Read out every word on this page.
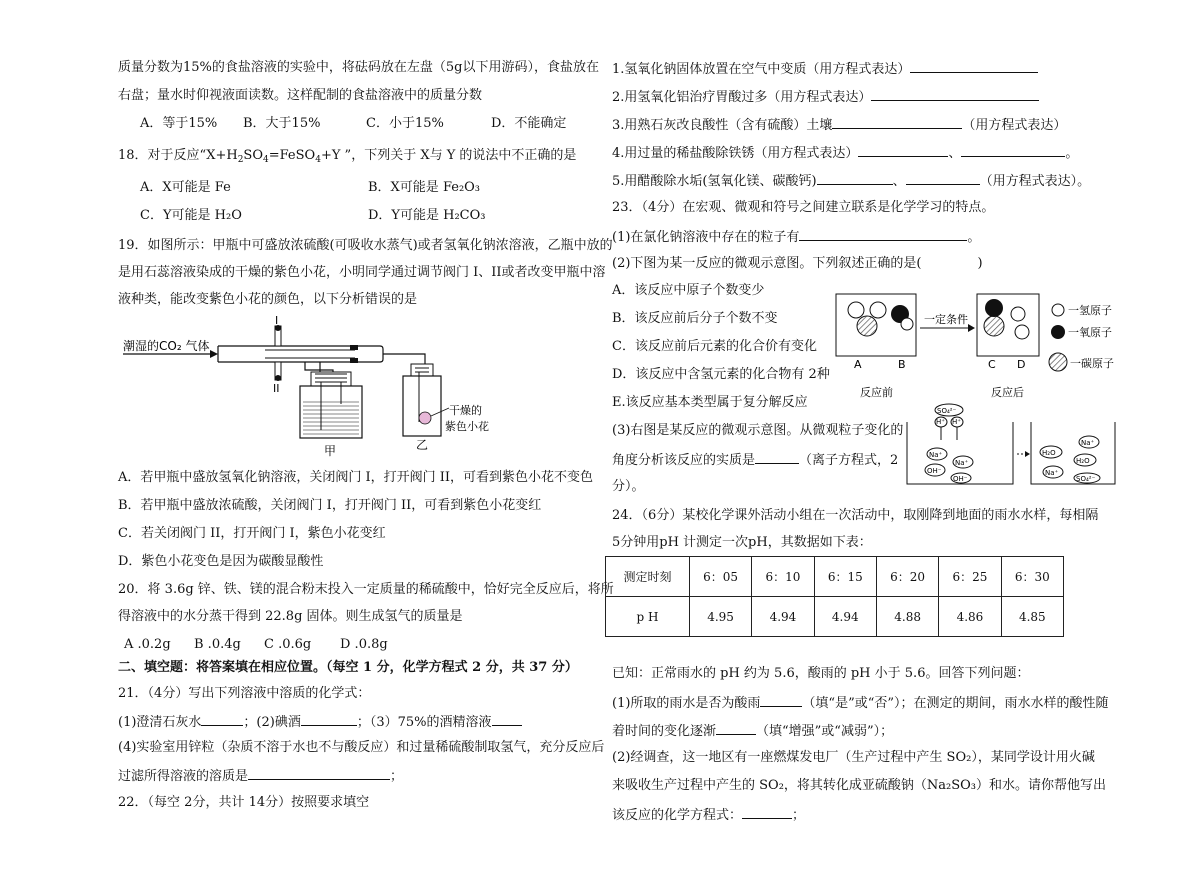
质量分数为15%的食盐溶液的实验中，将砝码放在左盘（5g以下用游码），食盐放在
右盘；量水时仰视液面读数。这样配制的食盐溶液中的质量分数
A．等于15% B．大于15%	C．小于15%	D．不能确定
18．对于反应“$X+H_2SO_4=FeSO_4+Y$ ”，下列关于 X与 Y 的说法中不正确的是
A．X可能是 Fe	B．X可能是 Fe₂O₃
C．Y可能是 H₂O	D．Y可能是 H₂CO₃
19．如图所示：甲瓶中可盛放浓硫酸(可吸收水蒸气)或者氢氧化钠浓溶液，乙瓶中放的
是用石蕊溶液染成的干燥的紫色小花，小明同学通过调节阀门 I、II或者改变甲瓶中溶
液种类，能改变紫色小花的颜色，以下分析错误的是
潮湿的CO₂ 气体
I
II
甲
干燥的
紫色小花
乙
A．若甲瓶中盛放氢氧化钠溶液，关闭阀门 I，打开阀门 II，可看到紫色小花不变色
B．若甲瓶中盛放浓硫酸，关闭阀门 I，打开阀门 II，可看到紫色小花变红
C．若关闭阀门 II，打开阀门 I，紫色小花变红
D．紫色小花变色是因为碳酸显酸性
20．将 3.6g 锌、铁、镁的混合粉末投入一定质量的稀硫酸中，恰好完全反应后，将所
得溶液中的水分蒸干得到 22.8g 固体。则生成氢气的质量是
A .0.2g B .0.4g C .0.6g D .0.8g
二、填空题：将答案填在相应位置。（每空 1 分，化学方程式 2 分，共 37 分）
21．（4分）写出下列溶液中溶质的化学式：
(1)澄清石灰水	；(2)碘酒	；（3）75%的酒精溶液
(4)实验室用锌粒（杂质不溶于水也不与酸反应）和过量稀硫酸制取氢气，充分反应后
过滤所得溶液的溶质是	；
22．（每空 2分，共计 14分）按照要求填空
1.氢氧化钠固体放置在空气中变质（用方程式表达）
2.用氢氧化铝治疗胃酸过多（用方程式表达）
3.用熟石灰改良酸性（含有硫酸）土壤	（用方程式表达）
4.用过量的稀盐酸除铁锈（用方程式表达）	、	。
5.用醋酸除水垢(氢氧化镁、碳酸钙)	、	（用方程式表达）。
23．（4分）在宏观、微观和符号之间建立联系是化学学习的特点。
(1)在氯化钠溶液中存在的粒子有	。
(2)下图为某一反应的微观示意图。下列叙述正确的是(	)
A．该反应中原子个数变少
B．该反应前后分子个数不变
C．该反应前后元素的化合价有变化
D．该反应中含氢元素的化合物有 2种
E.该反应基本类型属于复分解反应
(3)右图是某反应的微观示意图。从微观粒子变化的
角度分析该反应的实质是	（离子方程式，2
分）。
A	B
反应前
一定条件
C D
反应后
一氢原子
一氧原子
一碳原子
SO₄²⁻
H⁺ H⁺
Na⁺
Na⁺
OH⁻
OH⁻
Na⁺
H₂O
H₂O
Na⁺
SO₄²⁻
24．（6分）某校化学课外活动小组在一次活动中，取刚降到地面的雨水水样，每相隔
5分钟用pH 计测定一次pH，其数据如下表：
测定时刻	6：05	6：10	6：15	6：20	6：25	6：30
p H	4.95	4.94	4.94	4.88	4.86	4.85
已知：正常雨水的 pH 约为 5.6，酸雨的 pH 小于 5.6。回答下列问题：
(1)所取的雨水是否为酸雨	（填“是”或“否”）；在测定的期间，雨水水样的酸性随
着时间的变化逐渐	（填“增强”或“减弱”）；
(2)经调查，这一地区有一座燃煤发电厂（生产过程中产生 SO₂），某同学设计用火碱
来吸收生产过程中产生的 SO₂，将其转化成亚硫酸钠（Na₂SO₃）和水。请你帮他写出
该反应的化学方程式：	；
